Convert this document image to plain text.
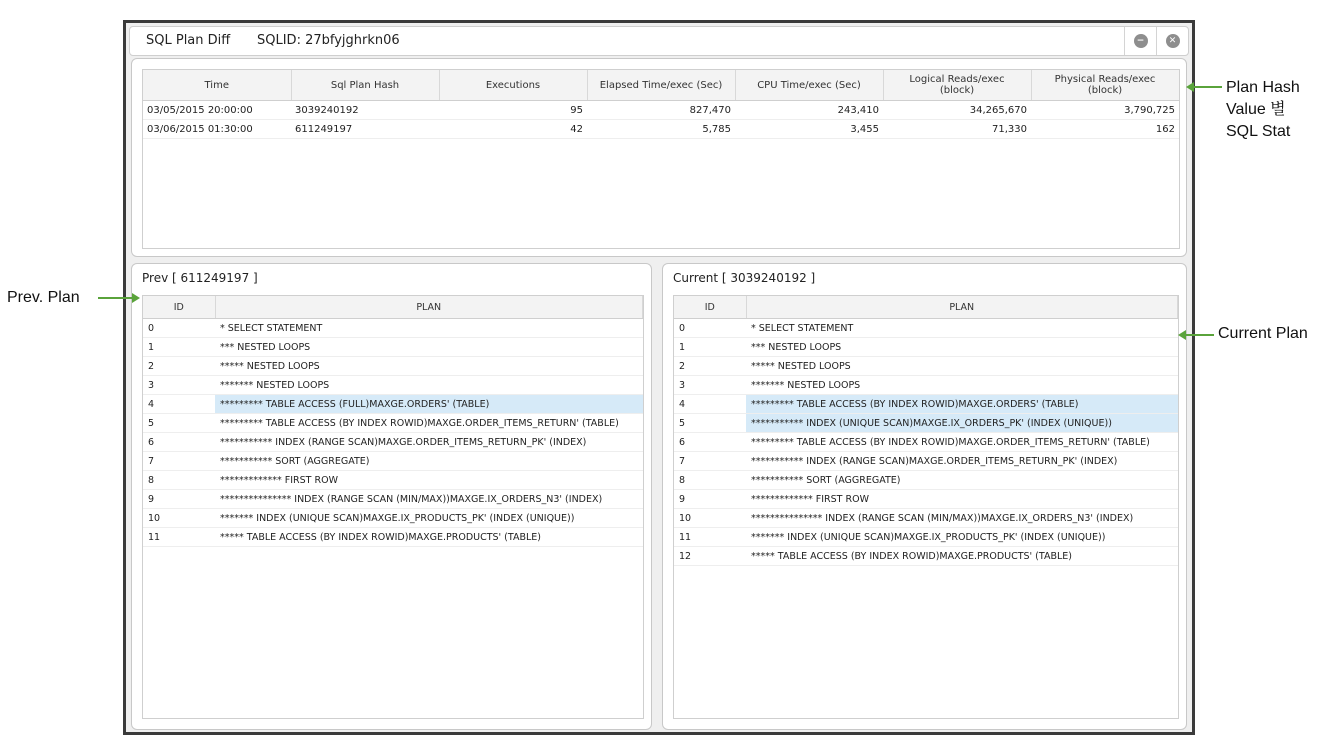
SQL Plan Diff SQLID: 27bfyjghrkn06	−	✕
Time	Sql Plan Hash	Executions	Elapsed Time/exec (Sec)	CPU Time/exec (Sec)	Logical Reads/exec
(block)	Physical Reads/exec
(block)
03/05/2015 20:00:00	3039240192	95	827,470	243,410	34,265,670	3,790,725
03/06/2015 01:30:00	611249197	42	5,785	3,455	71,330	162
Prev [ 611249197 ]
ID	PLAN
0	* SELECT STATEMENT
1	*** NESTED LOOPS
2	***** NESTED LOOPS
3	******* NESTED LOOPS
4	********* TABLE ACCESS (FULL)MAXGE.ORDERS' (TABLE)
5	********* TABLE ACCESS (BY INDEX ROWID)MAXGE.ORDER_ITEMS_RETURN' (TABLE)
6	*********** INDEX (RANGE SCAN)MAXGE.ORDER_ITEMS_RETURN_PK' (INDEX)
7	*********** SORT (AGGREGATE)
8	************* FIRST ROW
9	*************** INDEX (RANGE SCAN (MIN/MAX))MAXGE.IX_ORDERS_N3' (INDEX)
10	******* INDEX (UNIQUE SCAN)MAXGE.IX_PRODUCTS_PK' (INDEX (UNIQUE))
11	***** TABLE ACCESS (BY INDEX ROWID)MAXGE.PRODUCTS' (TABLE)
Current [ 3039240192 ]
ID	PLAN
0	* SELECT STATEMENT
1	*** NESTED LOOPS
2	***** NESTED LOOPS
3	******* NESTED LOOPS
4	********* TABLE ACCESS (BY INDEX ROWID)MAXGE.ORDERS' (TABLE)
5	*********** INDEX (UNIQUE SCAN)MAXGE.IX_ORDERS_PK' (INDEX (UNIQUE))
6	********* TABLE ACCESS (BY INDEX ROWID)MAXGE.ORDER_ITEMS_RETURN' (TABLE)
7	*********** INDEX (RANGE SCAN)MAXGE.ORDER_ITEMS_RETURN_PK' (INDEX)
8	*********** SORT (AGGREGATE)
9	************* FIRST ROW
10	*************** INDEX (RANGE SCAN (MIN/MAX))MAXGE.IX_ORDERS_N3' (INDEX)
11	******* INDEX (UNIQUE SCAN)MAXGE.IX_PRODUCTS_PK' (INDEX (UNIQUE))
12	***** TABLE ACCESS (BY INDEX ROWID)MAXGE.PRODUCTS' (TABLE)
Prev. Plan
Current Plan
Plan Hash
Value 별
SQL Stat
